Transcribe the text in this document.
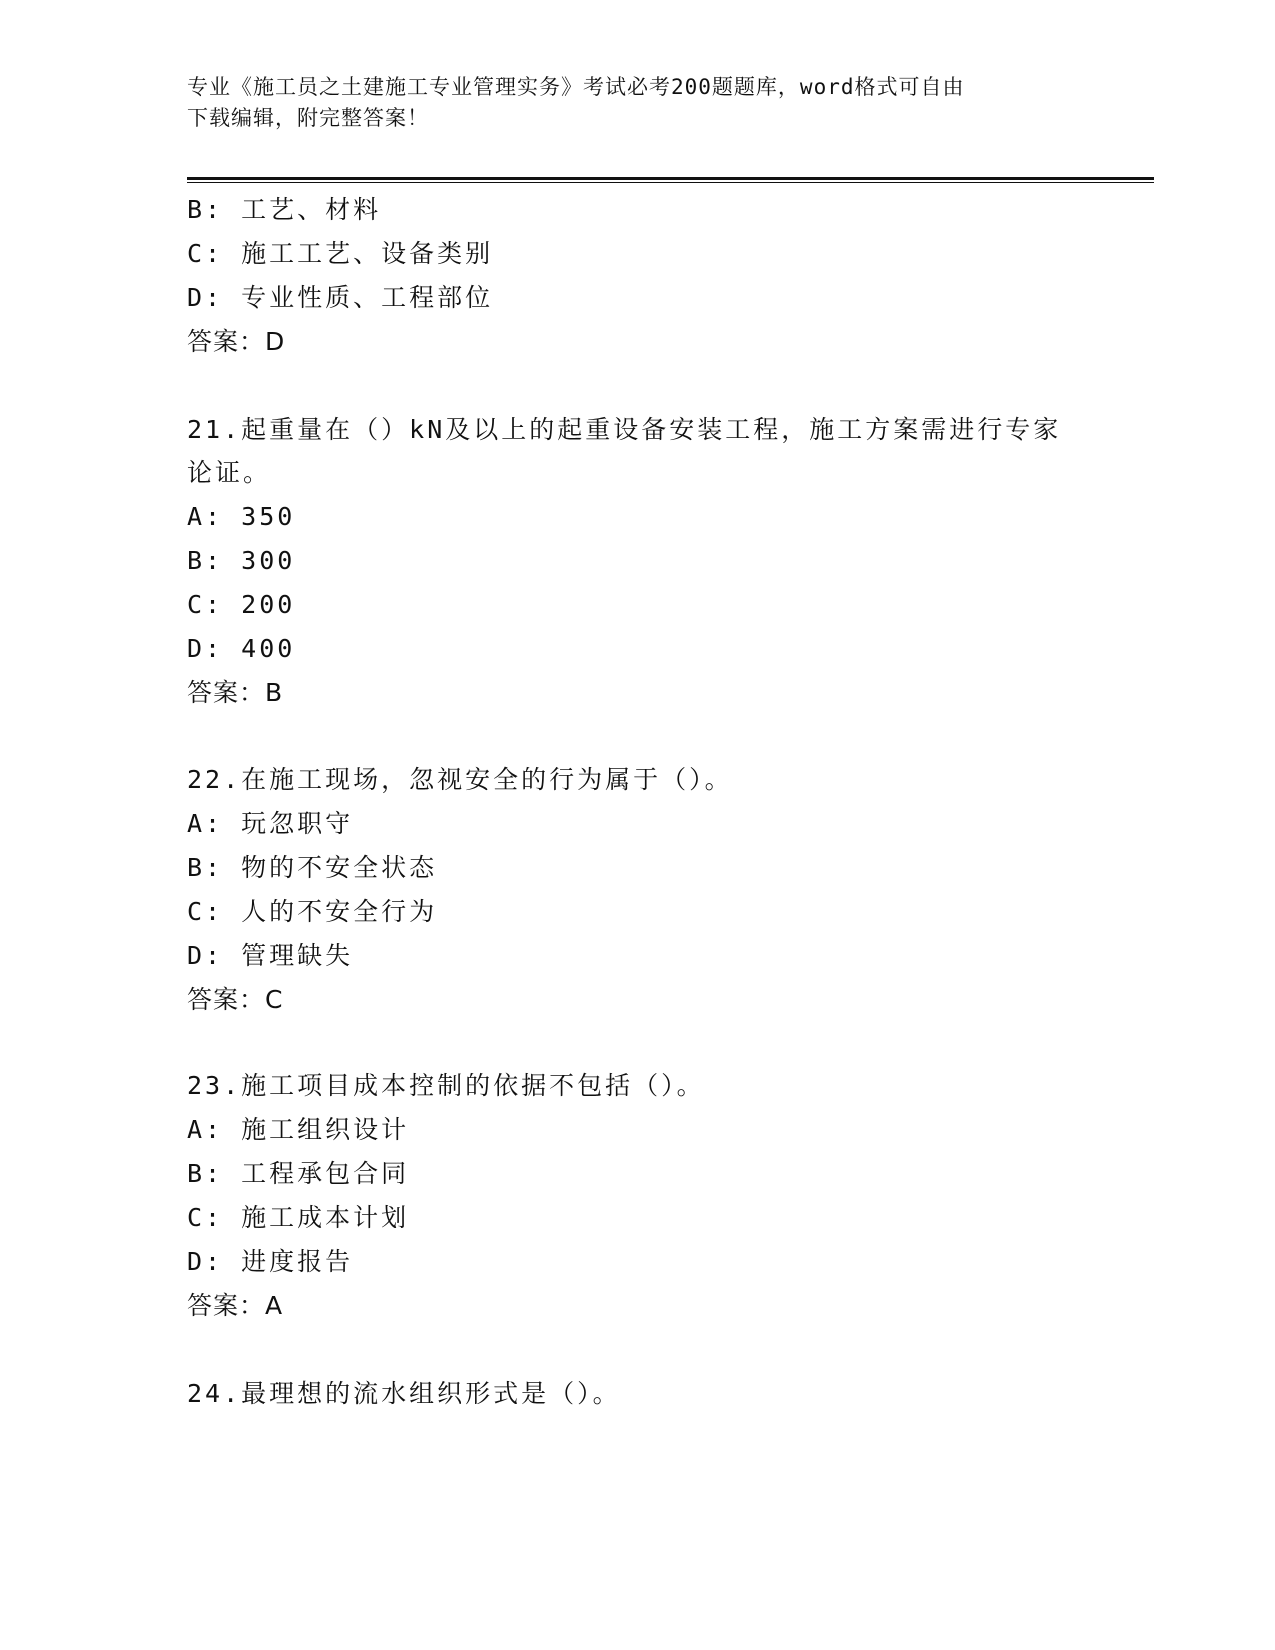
专业《施工员之土建施工专业管理实务》考试必考200题题库，word格式可自由
下载编辑，附完整答案！
B: 工艺、材料
C: 施工工艺、设备类别
D: 专业性质、工程部位
答案：D
21.起重量在（）kN及以上的起重设备安装工程，施工方案需进行专家
论证。
A: 350
B: 300
C: 200
D: 400
答案：B
22.在施工现场，忽视安全的行为属于（）。
A: 玩忽职守
B: 物的不安全状态
C: 人的不安全行为
D: 管理缺失
答案：C
23.施工项目成本控制的依据不包括（）。
A: 施工组织设计
B: 工程承包合同
C: 施工成本计划
D: 进度报告
答案：A
24.最理想的流水组织形式是（）。
